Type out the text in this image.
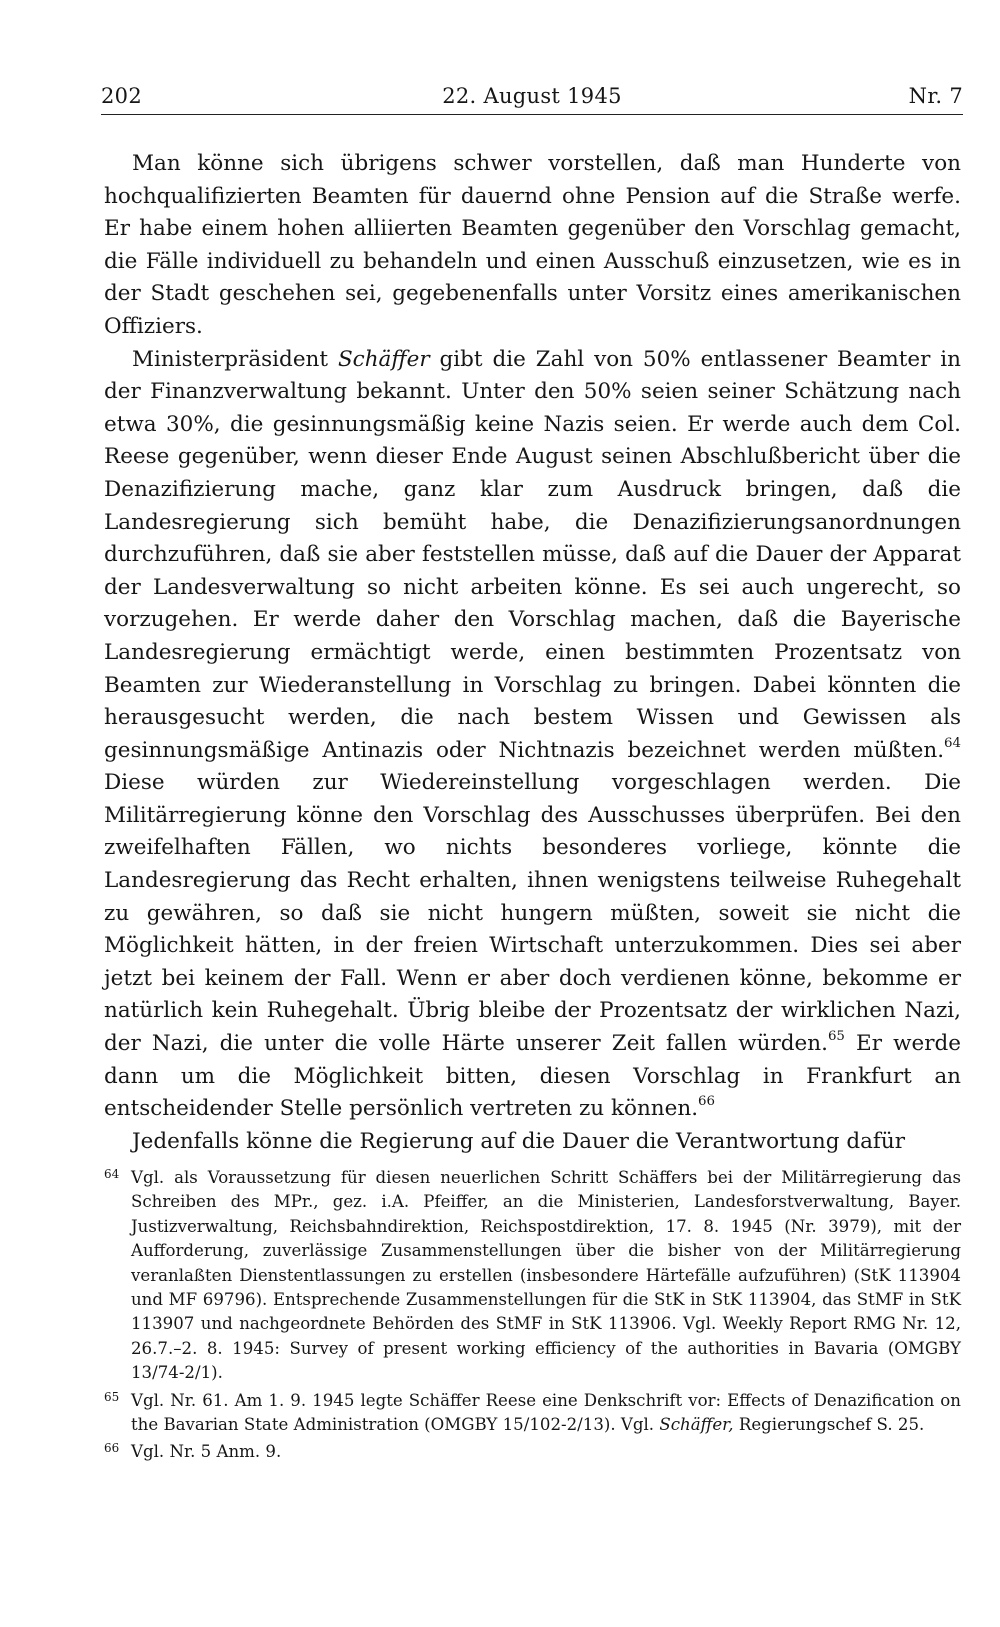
202	22. August 1945	Nr. 7

Man könne sich übrigens schwer vorstellen, daß man Hunderte von hochqualifizierten Beamten für dauernd ohne Pension auf die Straße werfe. Er habe einem hohen alliierten Beamten gegenüber den Vorschlag gemacht, die Fälle individuell zu behandeln und einen Ausschuß einzusetzen, wie es in der Stadt geschehen sei, gegebenenfalls unter Vorsitz eines amerikanischen Offiziers.

Ministerpräsident Schäffer gibt die Zahl von 50% entlassener Beamter in der Finanzverwaltung bekannt. Unter den 50% seien seiner Schätzung nach etwa 30%, die gesinnungsmäßig keine Nazis seien. Er werde auch dem Col. Reese gegenüber, wenn dieser Ende August seinen Abschlußbericht über die Denazifizierung mache, ganz klar zum Ausdruck bringen, daß die Landesregierung sich bemüht habe, die Denazifizierungsanordnungen durchzuführen, daß sie aber feststellen müsse, daß auf die Dauer der Apparat der Landesverwaltung so nicht arbeiten könne. Es sei auch ungerecht, so vorzugehen. Er werde daher den Vorschlag machen, daß die Bayerische Landesregierung ermächtigt werde, einen bestimmten Prozentsatz von Beamten zur Wiederanstellung in Vorschlag zu bringen. Dabei könnten die herausgesucht werden, die nach bestem Wissen und Gewissen als gesinnungsmäßige Antinazis oder Nichtnazis bezeichnet werden müßten.$^{64}$ Diese würden zur Wiedereinstellung vorgeschlagen werden. Die Militärregierung könne den Vorschlag des Ausschusses überprüfen. Bei den zweifelhaften Fällen, wo nichts besonderes vorliege, könnte die Landesregierung das Recht erhalten, ihnen wenigstens teilweise Ruhegehalt zu gewähren, so daß sie nicht hungern müßten, soweit sie nicht die Möglichkeit hätten, in der freien Wirtschaft unterzukommen. Dies sei aber jetzt bei keinem der Fall. Wenn er aber doch verdienen könne, bekomme er natürlich kein Ruhegehalt. Übrig bleibe der Prozentsatz der wirklichen Nazi, der Nazi, die unter die volle Härte unserer Zeit fallen würden.$^{65}$ Er werde dann um die Möglichkeit bitten, diesen Vorschlag in Frankfurt an entscheidender Stelle persönlich vertreten zu können.$^{66}$

Jedenfalls könne die Regierung auf die Dauer die Verantwortung dafür

64 Vgl. als Voraussetzung für diesen neuerlichen Schritt Schäffers bei der Militärregierung das Schreiben des MPr., gez. i.A. Pfeiffer, an die Ministerien, Landesforstverwaltung, Bayer. Justizverwaltung, Reichsbahndirektion, Reichspostdirektion, 17. 8. 1945 (Nr. 3979), mit der Aufforderung, zuverlässige Zusammenstellungen über die bisher von der Militärregierung veranlaßten Dienstentlassungen zu erstellen (insbesondere Härtefälle aufzuführen) (StK 113904 und MF 69796). Entsprechende Zusammenstellungen für die StK in StK 113904, das StMF in StK 113907 und nachgeordnete Behörden des StMF in StK 113906. Vgl. Weekly Report RMG Nr. 12, 26.7.–2. 8. 1945: Survey of present working efficiency of the authorities in Bavaria (OMGBY 13/74-2/1).
65 Vgl. Nr. 61. Am 1. 9. 1945 legte Schäffer Reese eine Denkschrift vor: Effects of Denazification on the Bavarian State Administration (OMGBY 15/102-2/13). Vgl. Schäffer, Regierungschef S. 25.
66 Vgl. Nr. 5 Anm. 9.
